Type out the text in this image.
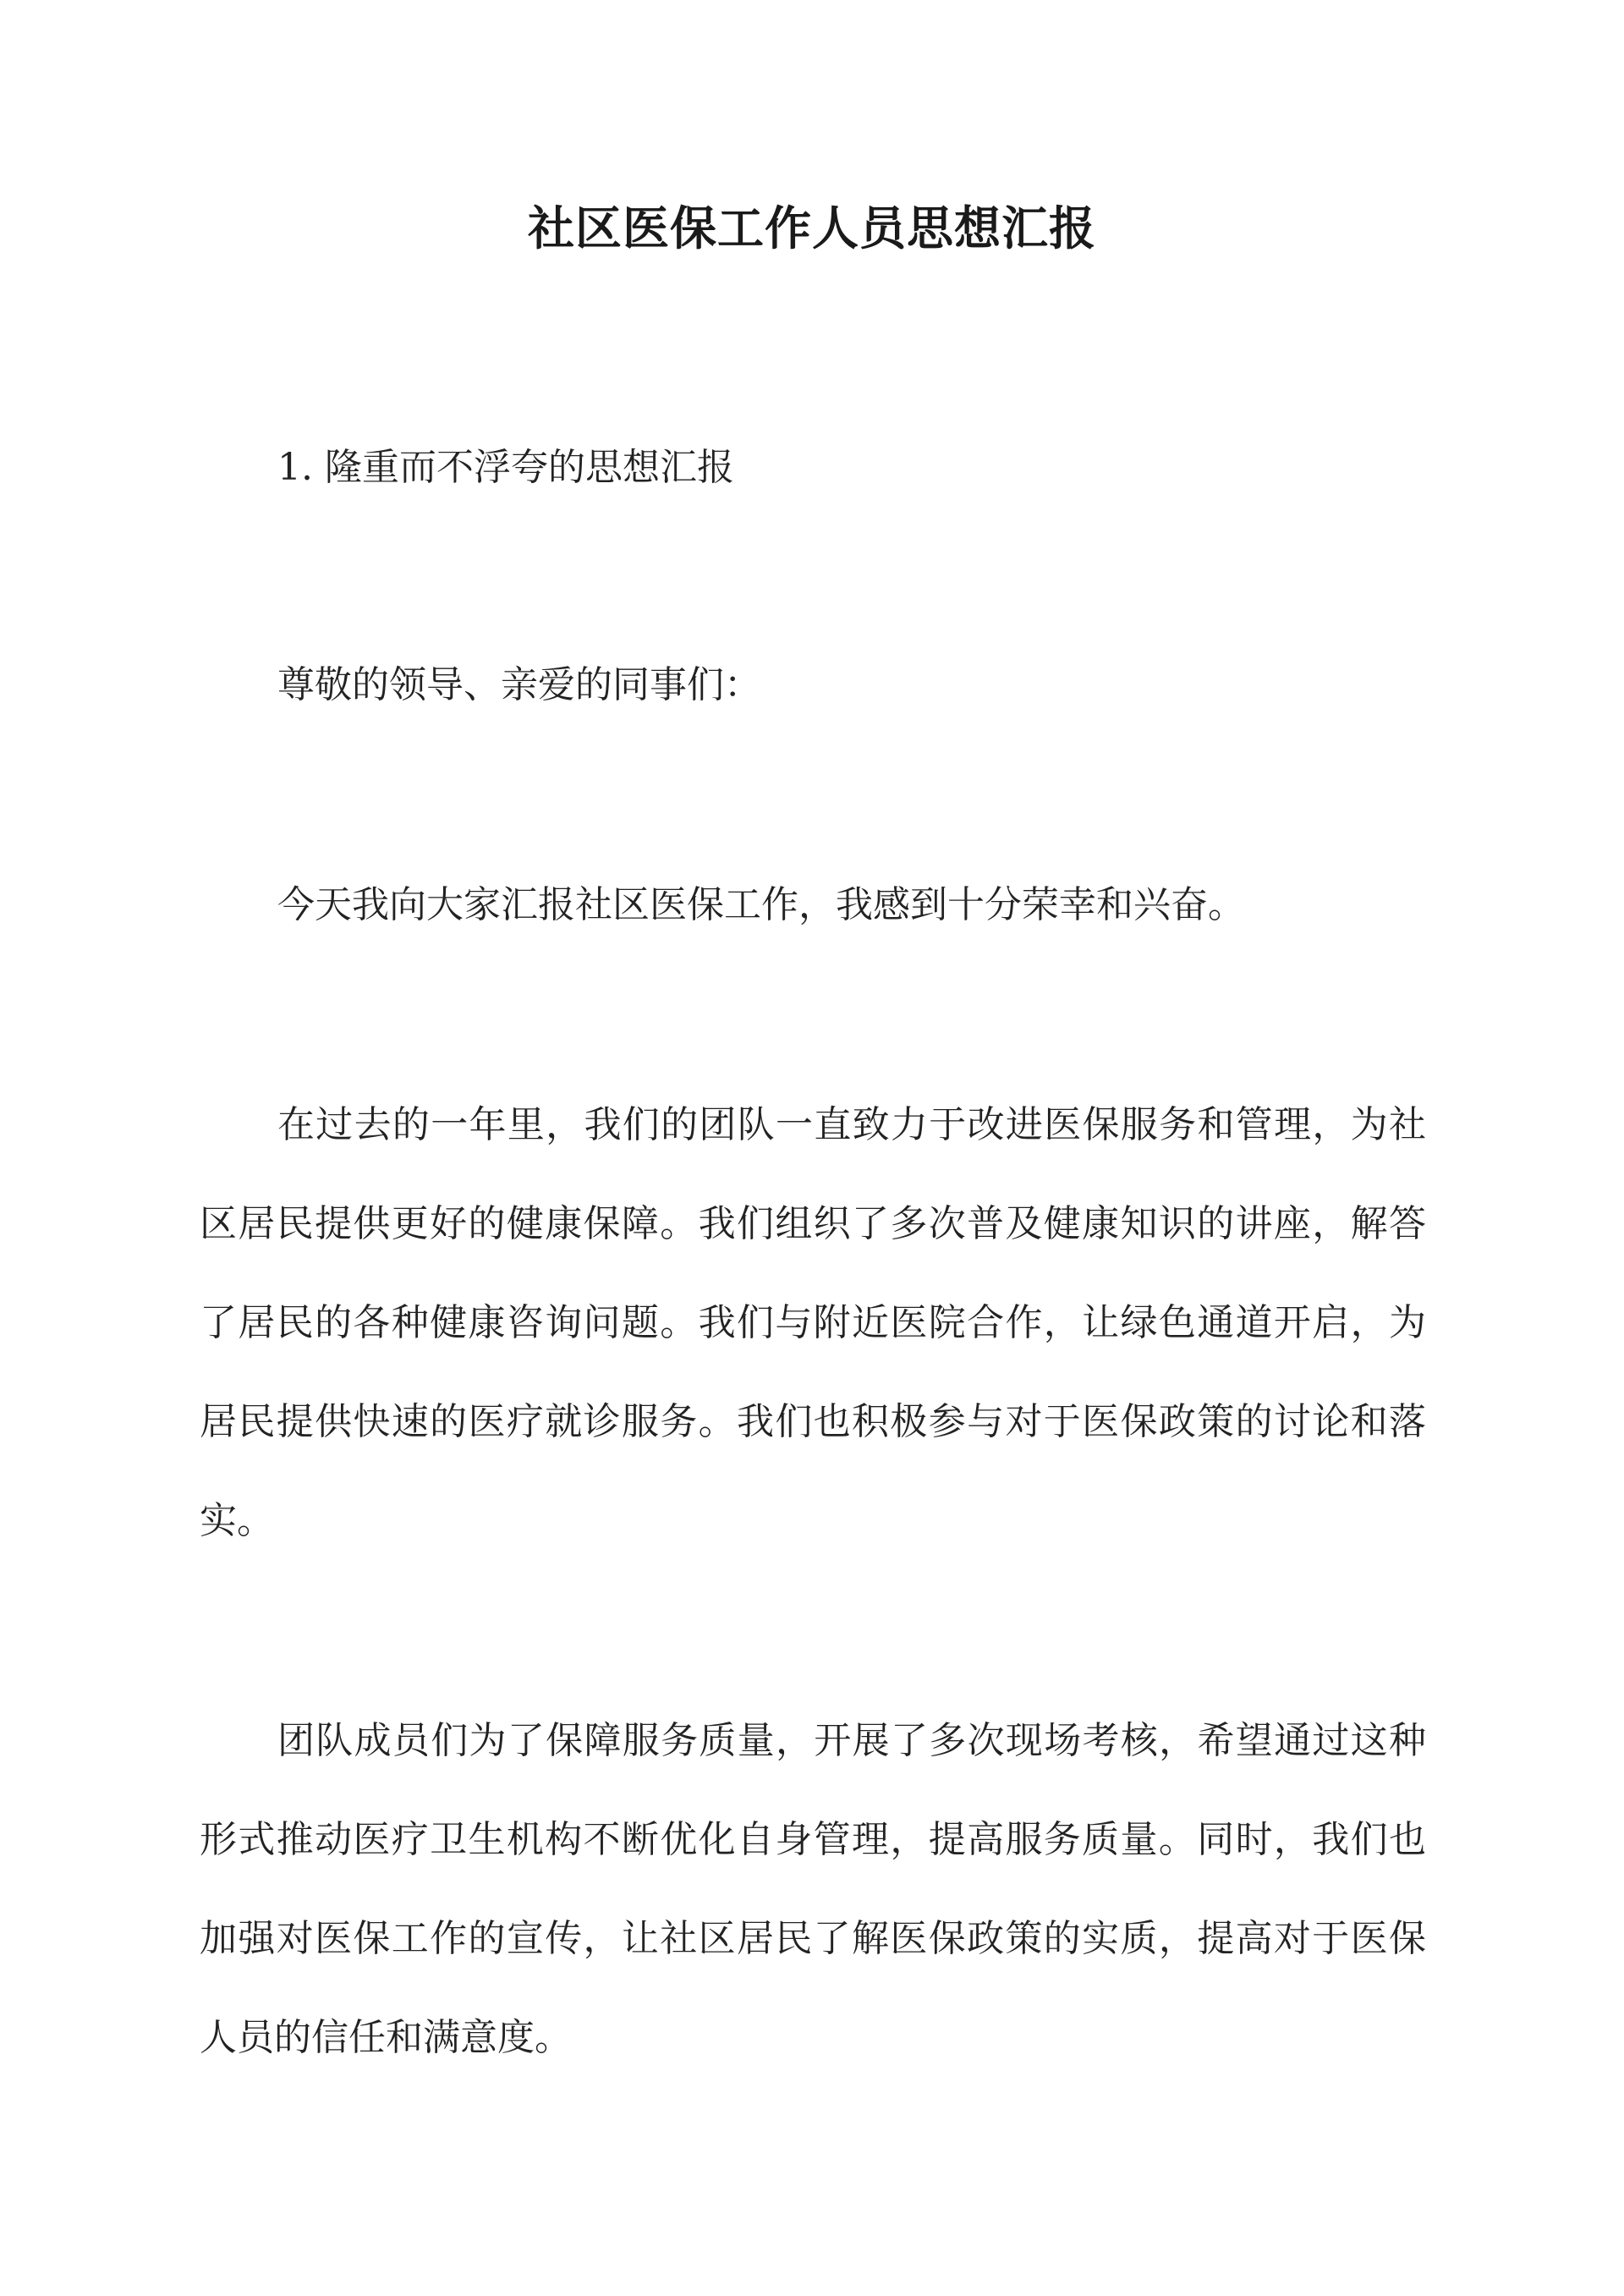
社区医保工作人员思想汇报
1. 隆重而不浮夸的思想汇报
尊敬的领导、亲爱的同事们：
今天我向大家汇报社区医保工作，我感到十分荣幸和兴奋。
在过去的一年里，我们的团队一直致力于改进医保服务和管理，为社
区居民提供更好的健康保障。我们组织了多次普及健康知识的讲座，解答
了居民的各种健康咨询问题。我们与附近医院合作，让绿色通道开启，为
居民提供快速的医疗就诊服务。我们也积极参与对于医保政策的讨论和落
实。
团队成员们为了保障服务质量，开展了多次现场考核，希望通过这种
形式推动医疗卫生机构不断优化自身管理，提高服务质量。同时，我们也
加强对医保工作的宣传，让社区居民了解医保政策的实质，提高对于医保
人员的信任和满意度。
